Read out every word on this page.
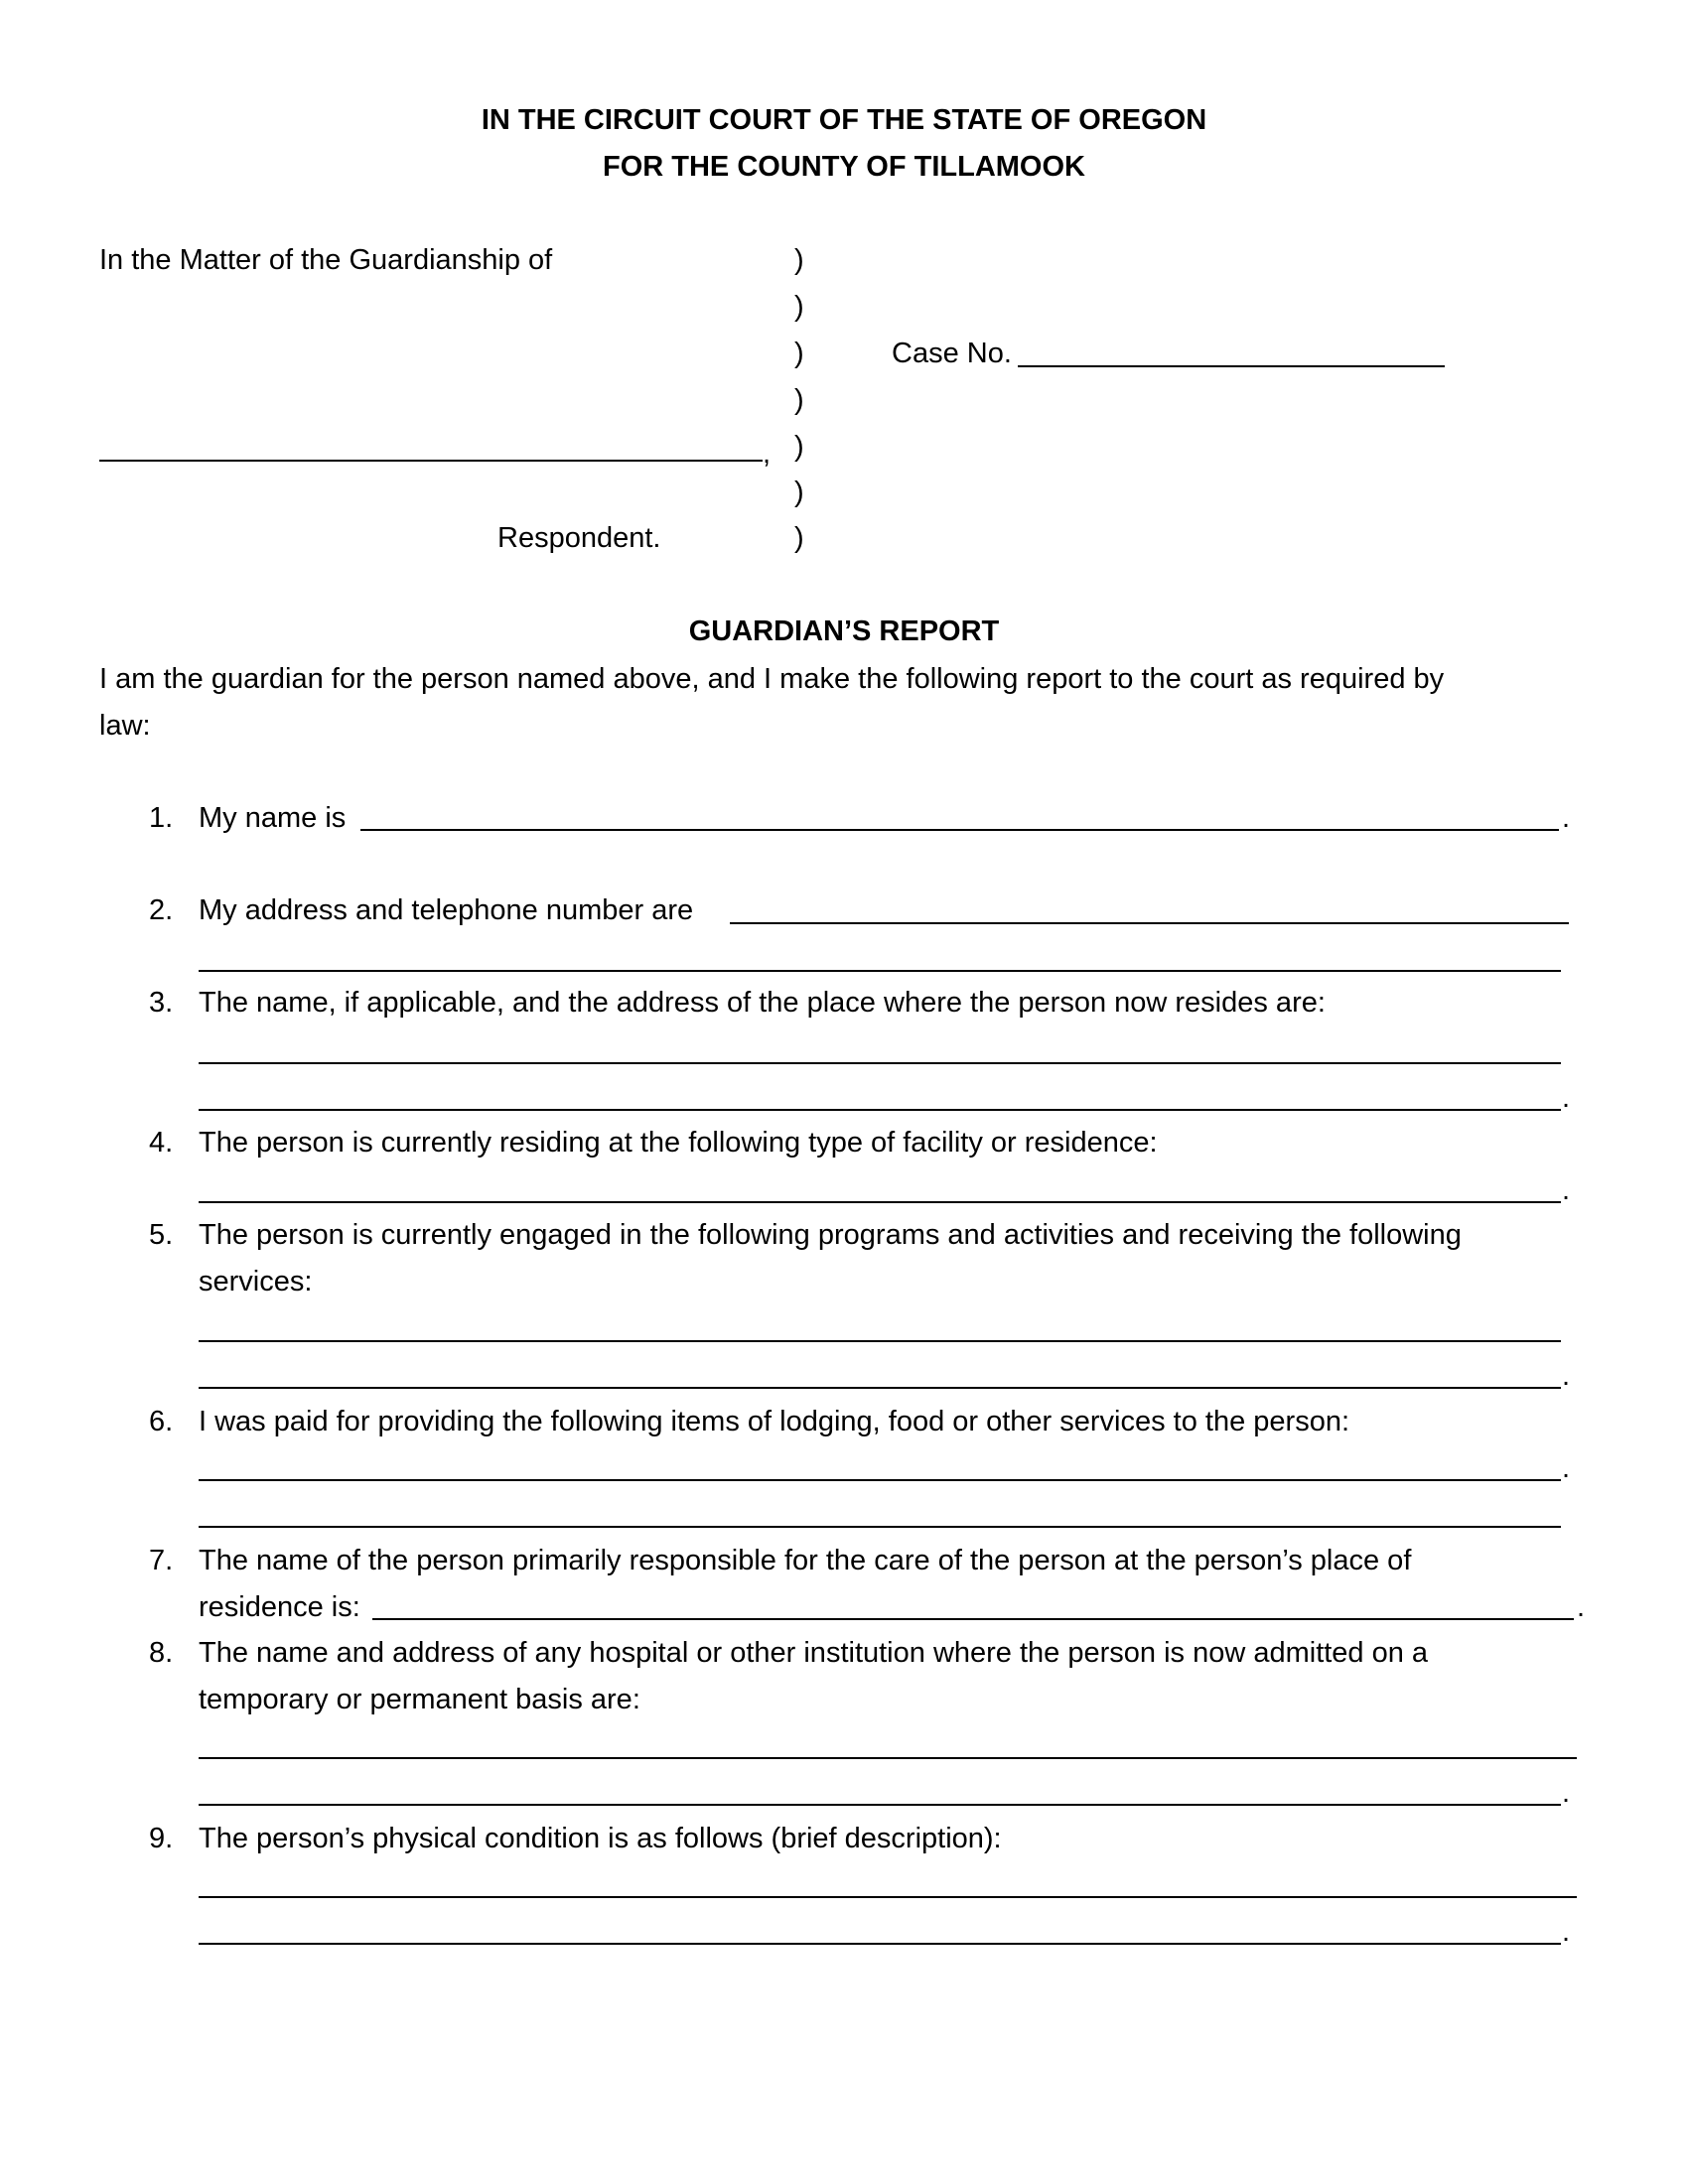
IN THE CIRCUIT COURT OF THE STATE OF OREGON
FOR THE COUNTY OF TILLAMOOK
In the Matter of the Guardianship of
,
Respondent.
)
)
)
)
)
)
)
Case No.
GUARDIAN’S REPORT
I am the guardian for the person named above, and I make the following report to the court as required by
law:
1. My name is	.
2. My address and telephone number are
3. The name, if applicable, and the address of the place where the person now resides are:
.
4. The person is currently residing at the following type of facility or residence:
.
5. The person is currently engaged in the following programs and activities and receiving the following
services:
.
6. I was paid for providing the following items of lodging, food or other services to the person:
.
7. The name of the person primarily responsible for the care of the person at the person’s place of
residence is:	.
8. The name and address of any hospital or other institution where the person is now admitted on a
temporary or permanent basis are:
.
9. The person’s physical condition is as follows (brief description):
.
